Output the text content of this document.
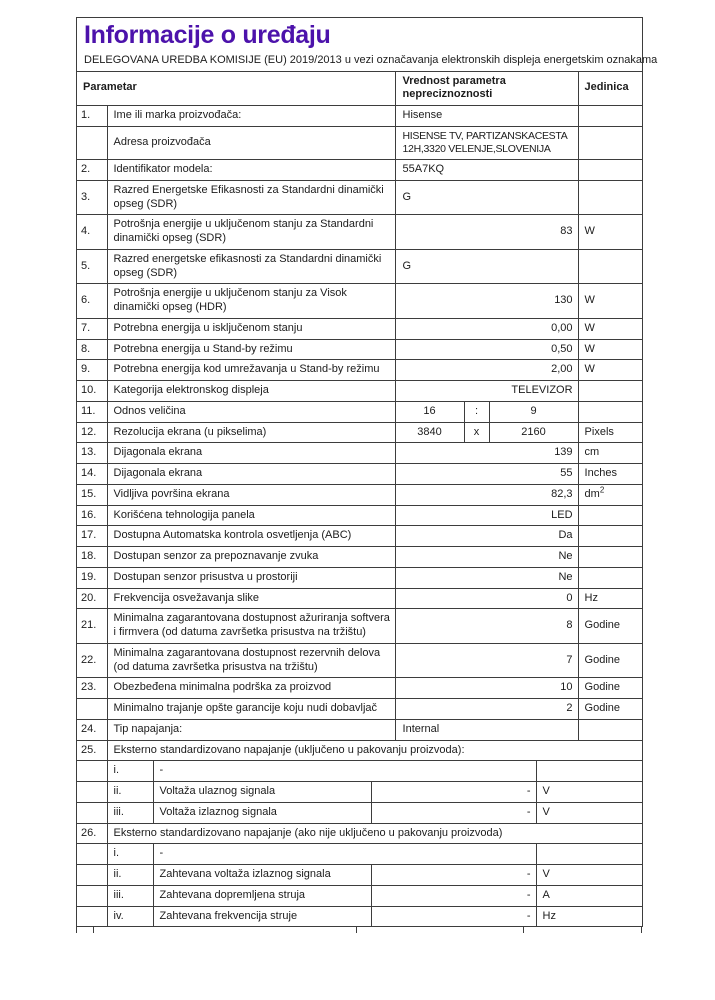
Informacije o uređaju
DELEGOVANA UREDBA KOMISIJE (EU) 2019/2013 u vezi označavanja elektronskih displeja energetskim oznakama
Parametar				Vrednost parametra nepreciznoznosti				Jedinica
1.	Ime ili marka proizvođača:			Hisense				
	Adresa proizvođača			HISENSE TV, PARTIZANSKACESTA 12H,3320 VELENJE,SLOVENIJA				
2.	Identifikator modela:			55A7KQ				
3.	Razred Energetske Efikasnosti za Standardni dinamički opseg (SDR)			G				
4.	Potrošnja energije u uključenom stanju za Standardni dinamički opseg (SDR)			83				W
5.	Razred energetske efikasnosti za Standardni dinamički opseg (SDR)			G				
6.	Potrošnja energije u uključenom stanju za Visok dinamički opseg (HDR)			130				W
7.	Potrebna energija u isključenom stanju			0,00				W
8.	Potrebna energija u Stand-by režimu			0,50				W
9.	Potrebna energija kod umrežavanja u Stand-by režimu			2,00				W
10.	Kategorija elektronskog displeja			TELEVIZOR				
11.	Odnos veličina			16	:	9		
12.	Rezolucija ekrana (u pikselima)			3840	x	2160		Pixels
13.	Dijagonala ekrana			139				cm
14.	Dijagonala ekrana			55				Inches
15.	Vidljiva površina ekrana			82,3				$dm^2$
16.	Korišćena tehnologija panela			LED				
17.	Dostupna Automatska kontrola osvetljenja (ABC)			Da				
18.	Dostupan senzor za prepoznavanje zvuka			Ne				
19.	Dostupan senzor prisustva u prostoriji			Ne				
20.	Frekvencija osvežavanja slike			0				Hz
21.	Minimalna zagarantovana dostupnost ažuriranja softvera i firmvera (od datuma završetka prisustva na tržištu)			8				Godine
22.	Minimalna zagarantovana dostupnost rezervnih delova (od datuma završetka prisustva na tržištu)			7				Godine
23.	Obezbeđena minimalna podrška za proizvod			10				Godine
	Minimalno trajanje opšte garancije koju nudi dobavljač			2				Godine
24.	Tip napajanja:			Internal				
25.	Eksterno standardizovano napajanje (uključeno u pakovanju proizvoda):							
	i.	-						
	ii.	Voltaža ulaznog signala	-				V	
	iii.	Voltaža izlaznog signala	-				V	
26.	Eksterno standardizovano napajanje (ako nije uključeno u pakovanju proizvoda)							
	i.	-						
	ii.	Zahtevana voltaža izlaznog signala	-				V	
	iii.	Zahtevana dopremljena struja	-				A	
	iv.	Zahtevana frekvencija struje	-				Hz	
